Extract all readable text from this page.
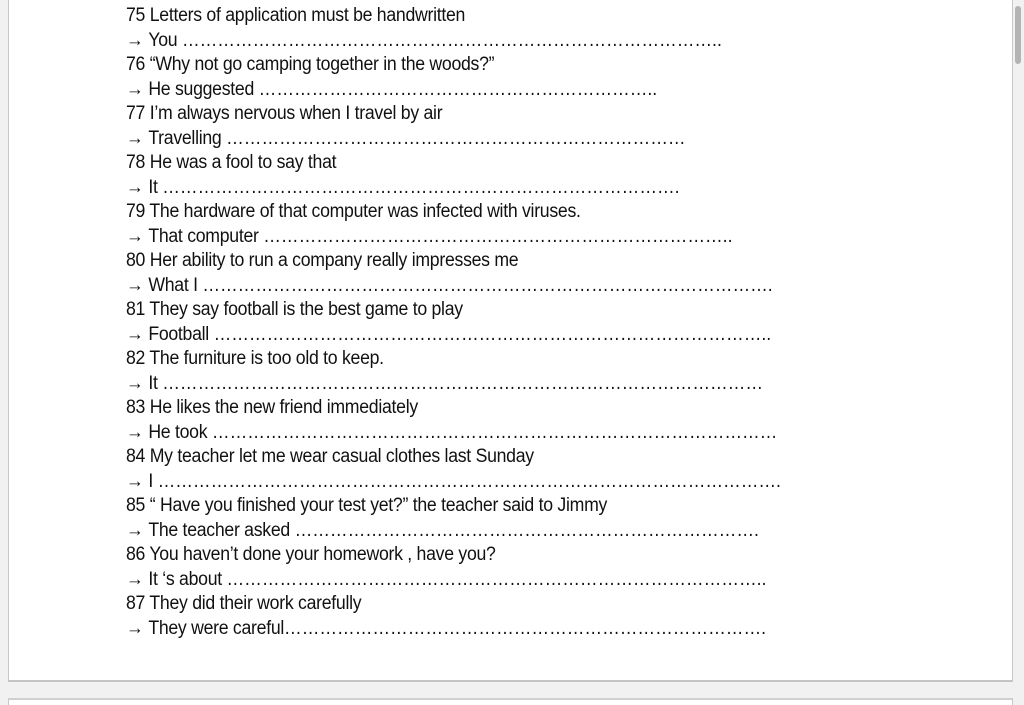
75 Letters of application must be handwritten
→ You ………………………………………………………………………………..
76 “Why not go camping together in the woods?”
→ He suggested …………………………………………………………..
77 I’m always nervous when I travel by air
→ Travelling ……………………………………………………………………
78 He was a fool to say that
→ It …………………………………………………………………………….
79 The hardware of that computer was infected with viruses.
→ That computer ……………………………………………………………………..
80 Her ability to run a company really impresses me
→ What I …………………………………………………………………………………….
81 They say football is the best game to play
→ Football …………………………………………………………………………………..
82 The furniture is too old to keep.
→ It …………………………………………………………………………………………
83 He likes the new friend immediately
→ He took ……………………………………………………………………………………
84 My teacher let me wear casual clothes last Sunday
→ I …………………………………………………………………………………………….
85 “ Have you finished your test yet?” the teacher said to Jimmy
→ The teacher asked …………………………………………………………………….
86 You haven’t done your homework , have you?
→ It ‘s about ………………………………………………………………………………..
87 They did their work carefully
→ They were careful……………………………………………………………………….
